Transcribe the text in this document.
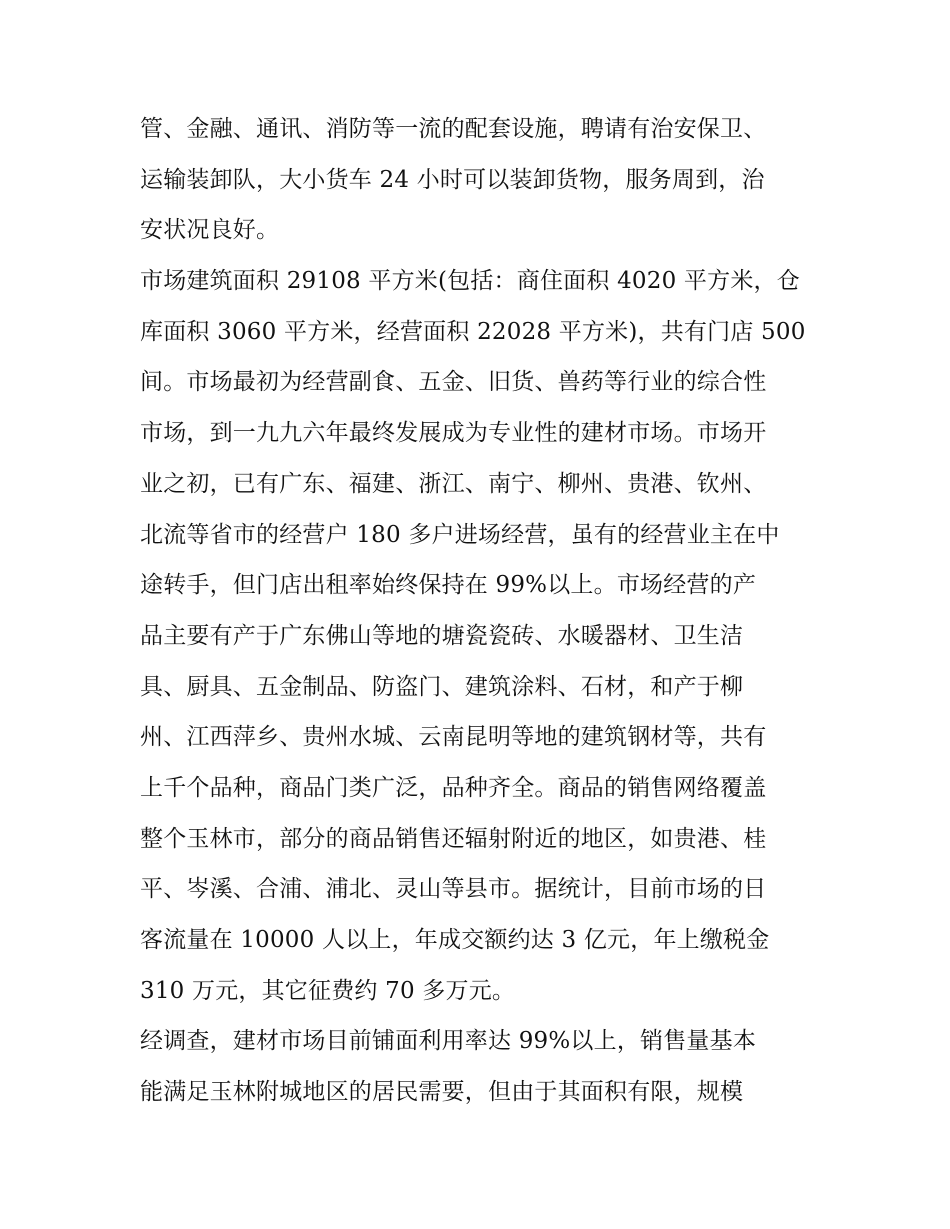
管、金融、通讯、消防等一流的配套设施，聘请有治安保卫、
运输装卸队，大小货车 24 小时可以装卸货物，服务周到，治
安状况良好。
市场建筑面积 29108 平方米(包括：商住面积 4020 平方米，仓
库面积 3060 平方米，经营面积 22028 平方米)，共有门店 500
间。市场最初为经营副食、五金、旧货、兽药等行业的综合性
市场，到一九九六年最终发展成为专业性的建材市场。市场开
业之初，已有广东、福建、浙江、南宁、柳州、贵港、钦州、
北流等省市的经营户 180 多户进场经营，虽有的经营业主在中
途转手，但门店出租率始终保持在 99%以上。市场经营的产
品主要有产于广东佛山等地的塘瓷瓷砖、水暖器材、卫生洁
具、厨具、五金制品、防盗门、建筑涂料、石材，和产于柳
州、江西萍乡、贵州水城、云南昆明等地的建筑钢材等，共有
上千个品种，商品门类广泛，品种齐全。商品的销售网络覆盖
整个玉林市，部分的商品销售还辐射附近的地区，如贵港、桂
平、岑溪、合浦、浦北、灵山等县市。据统计，目前市场的日
客流量在 10000 人以上，年成交额约达 3 亿元，年上缴税金
310 万元，其它征费约 70 多万元。
经调查，建材市场目前铺面利用率达 99%以上，销售量基本
能满足玉林附城地区的居民需要，但由于其面积有限，规模
